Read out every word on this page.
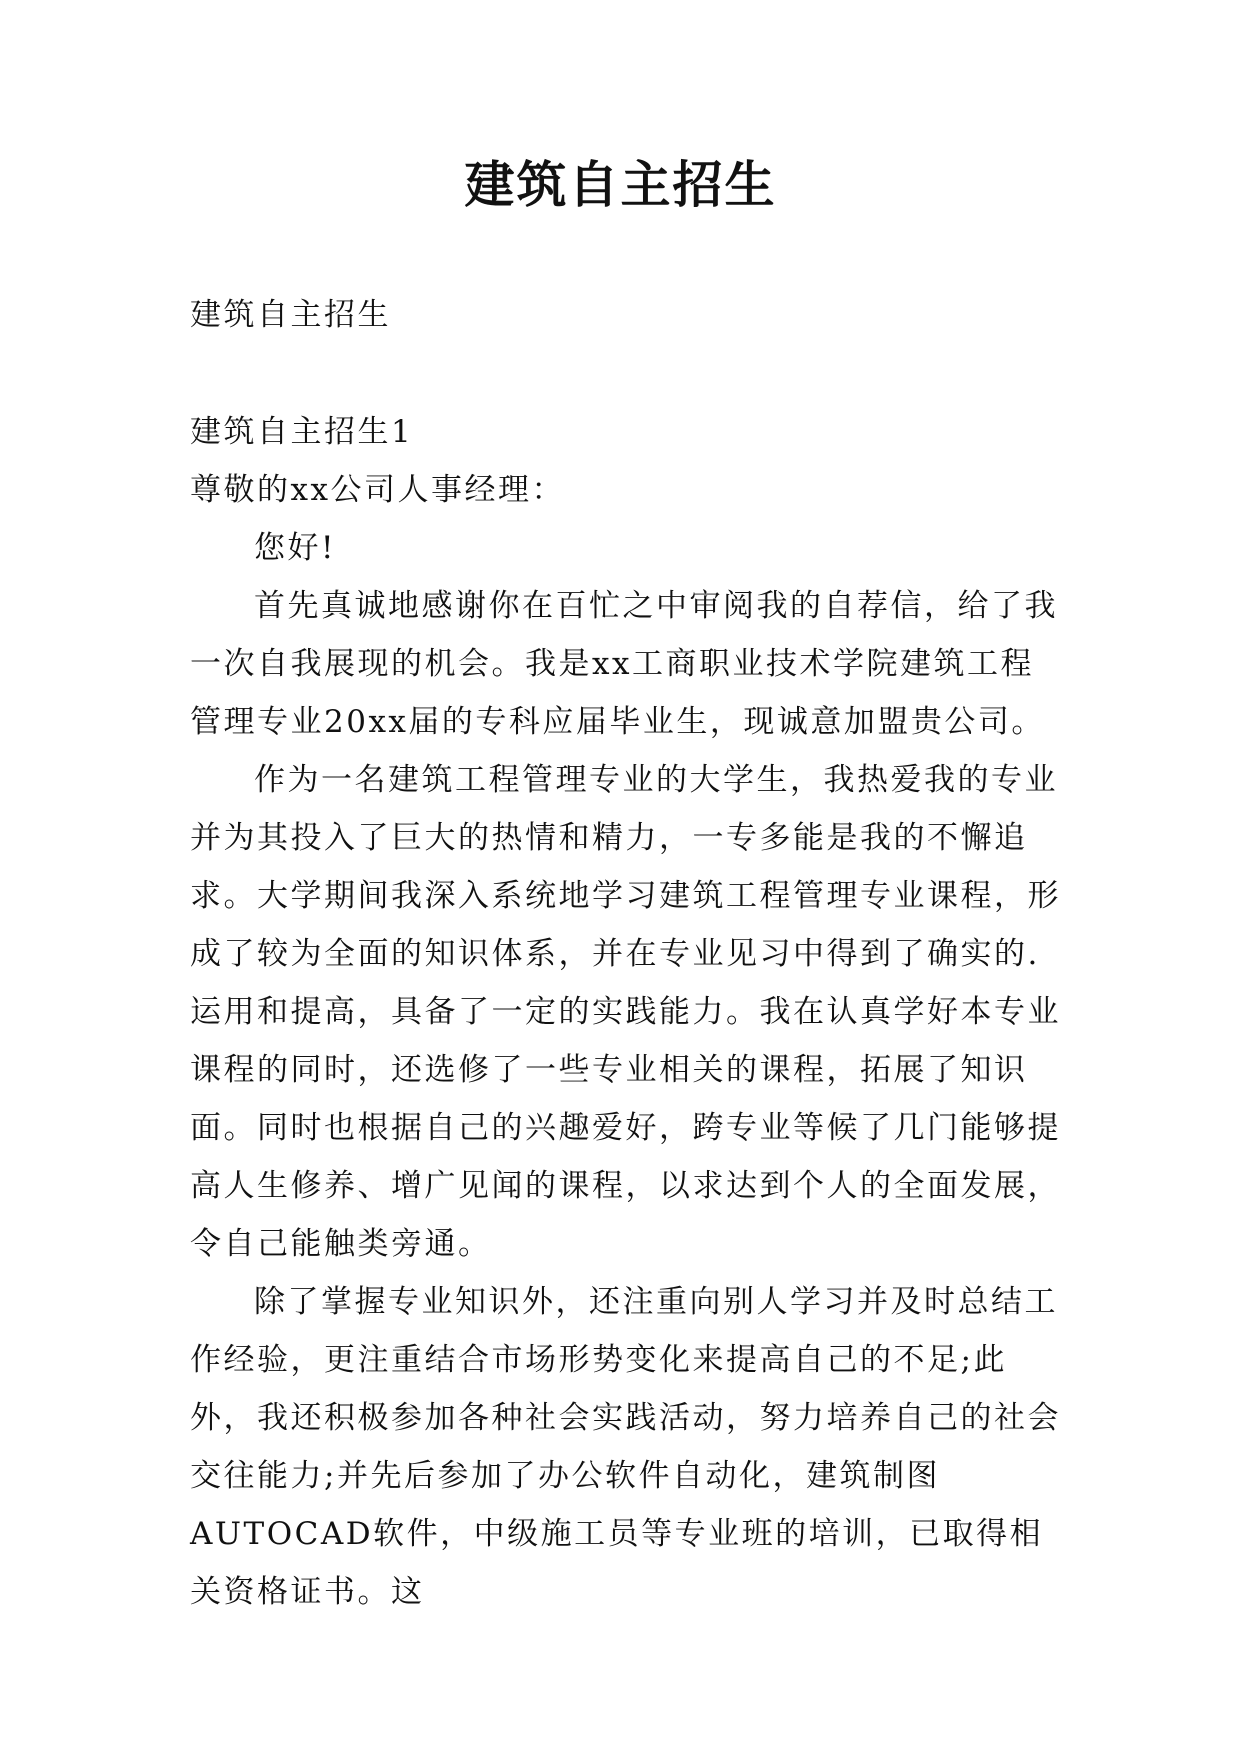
建筑自主招生
建筑自主招生

建筑自主招生1

尊敬的xx公司人事经理：

您好!

首先真诚地感谢你在百忙之中审阅我的自荐信，给了我一次自我展现的机会。我是xx工商职业技术学院建筑工程管理专业20xx届的专科应届毕业生，现诚意加盟贵公司。

作为一名建筑工程管理专业的大学生，我热爱我的专业并为其投入了巨大的热情和精力，一专多能是我的不懈追求。大学期间我深入系统地学习建筑工程管理专业课程，形成了较为全面的知识体系，并在专业见习中得到了确实的.运用和提高，具备了一定的实践能力。我在认真学好本专业课程的同时，还选修了一些专业相关的课程，拓展了知识面。同时也根据自己的兴趣爱好，跨专业等候了几门能够提高人生修养、增广见闻的课程，以求达到个人的全面发展，令自己能触类旁通。

除了掌握专业知识外，还注重向别人学习并及时总结工作经验，更注重结合市场形势变化来提高自己的不足;此外，我还积极参加各种社会实践活动，努力培养自己的社会交往能力;并先后参加了办公软件自动化，建筑制图AUTOCAD软件，中级施工员等专业班的培训，已取得相关资格证书。这
